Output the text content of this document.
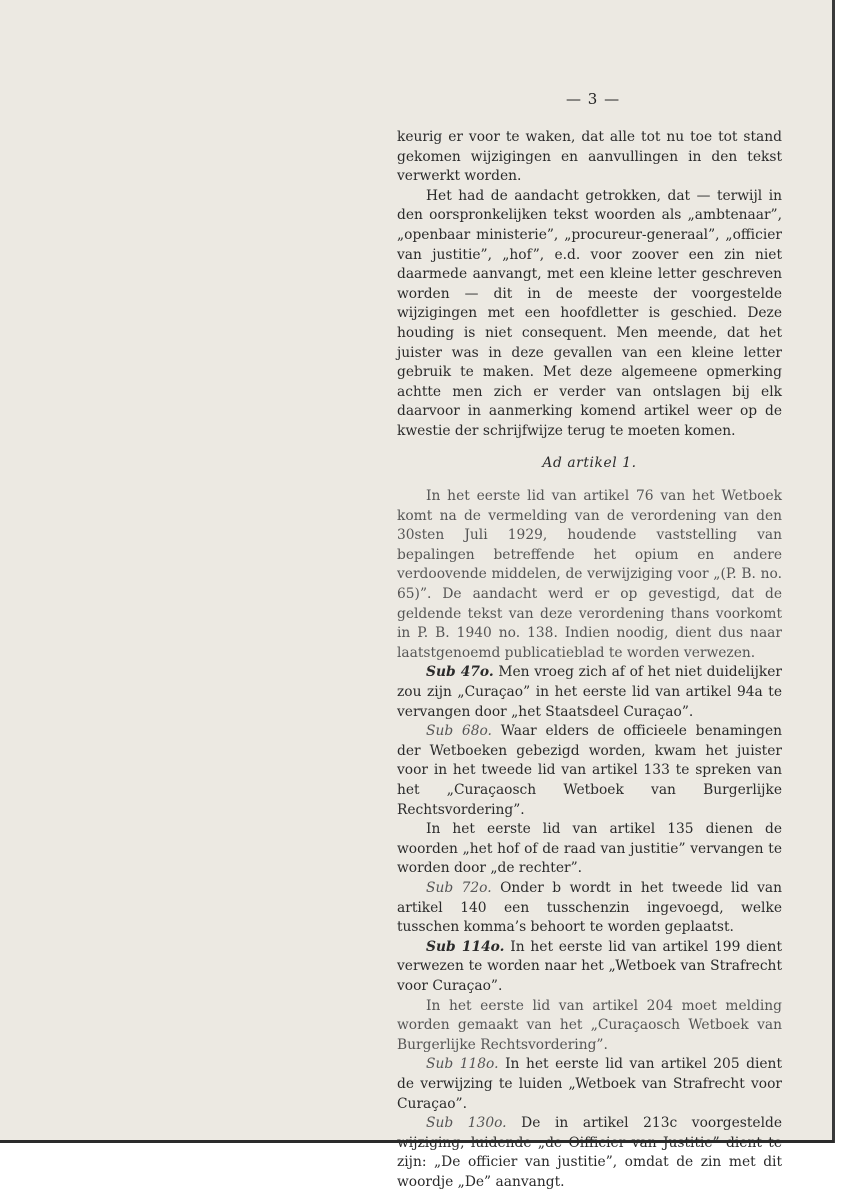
— 3 —

keurig er voor te waken, dat alle tot nu toe tot stand gekomen wijzigingen en aanvullingen in den tekst verwerkt worden.

Het had de aandacht getrokken, dat — terwijl in den oorspronkelijken tekst woorden als „ambtenaar”, „openbaar ministerie”, „procureur-generaal”, „officier van justitie”, „hof”, e.d. voor zoover een zin niet daarmede aanvangt, met een kleine letter geschreven worden — dit in de meeste der voorgestelde wijzigingen met een hoofdletter is geschied. Deze houding is niet consequent. Men meende, dat het juister was in deze gevallen van een kleine letter gebruik te maken. Met deze algemeene opmerking achtte men zich er verder van ontslagen bij elk daarvoor in aanmerking komend artikel weer op de kwestie der schrijfwijze terug te moeten komen.

Ad artikel 1.

In het eerste lid van artikel 76 van het Wetboek komt na de vermelding van de verordening van den 30sten Juli 1929, houdende vaststelling van bepalingen betreffende het opium en andere verdoovende middelen, de verwijziging voor „(P. B. no. 65)”. De aandacht werd er op gevestigd, dat de geldende tekst van deze verordening thans voorkomt in P. B. 1940 no. 138. Indien noodig, dient dus naar laatstgenoemd publicatieblad te worden verwezen.

Sub 47o. Men vroeg zich af of het niet duidelijker zou zijn „Curaçao” in het eerste lid van artikel 94a te vervangen door „het Staatsdeel Curaçao”.

Sub 68o. Waar elders de officieele benamingen der Wetboeken gebezigd worden, kwam het juister voor in het tweede lid van artikel 133 te spreken van het „Curaçaosch Wetboek van Burgerlijke Rechtsvordering”.

In het eerste lid van artikel 135 dienen de woorden „het hof of de raad van justitie” vervangen te worden door „de rechter”.

Sub 72o. Onder b wordt in het tweede lid van artikel 140 een tusschenzin ingevoegd, welke tusschen komma’s behoort te worden geplaatst.

Sub 114o. In het eerste lid van artikel 199 dient verwezen te worden naar het „Wetboek van Strafrecht voor Curaçao”.

In het eerste lid van artikel 204 moet melding worden gemaakt van het „Curaçaosch Wetboek van Burgerlijke Rechtsvordering”.

Sub 118o. In het eerste lid van artikel 205 dient de verwijzing te luiden „Wetboek van Strafrecht voor Curaçao”.

Sub 130o. De in artikel 213c voorgestelde zijn: „De officier van justitie”, omdat de zin met dit woordje „De” aanvangt.
